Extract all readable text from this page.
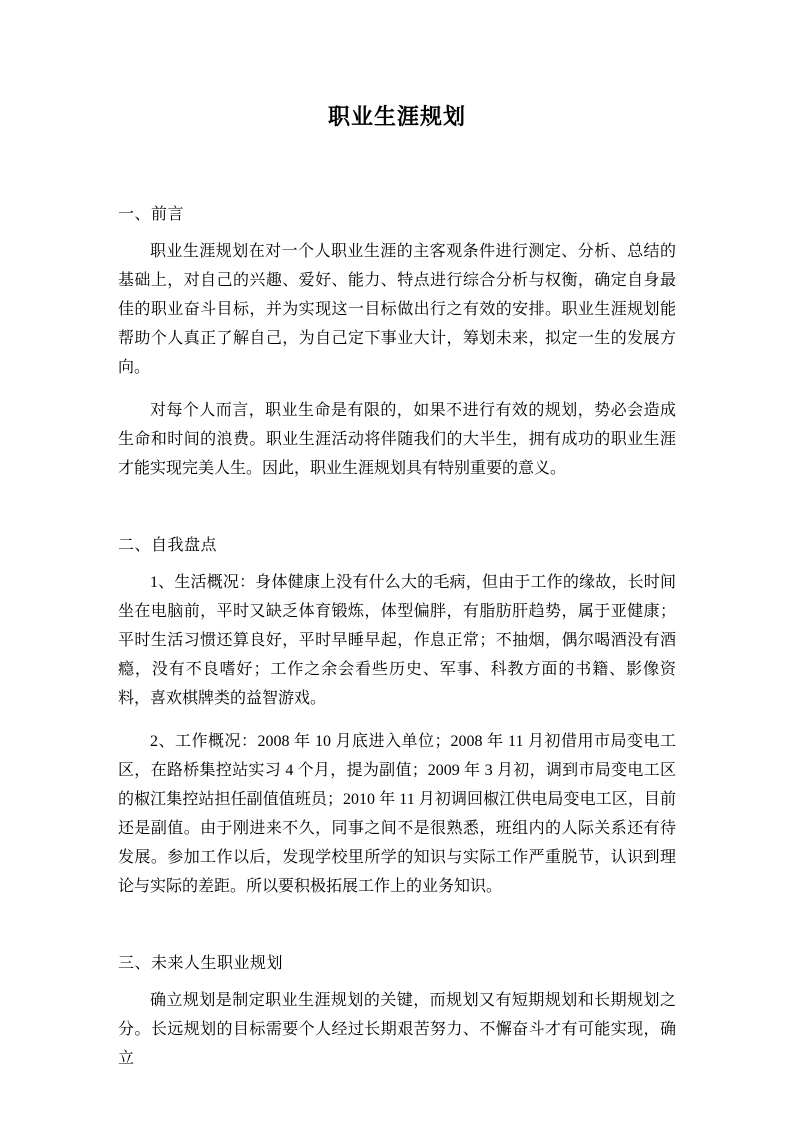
职业生涯规划
一、前言

职业生涯规划在对一个人职业生涯的主客观条件进行测定、分析、总结的基础上，对自己的兴趣、爱好、能力、特点进行综合分析与权衡，确定自身最佳的职业奋斗目标，并为实现这一目标做出行之有效的安排。职业生涯规划能帮助个人真正了解自己，为自己定下事业大计，筹划未来，拟定一生的发展方向。

对每个人而言，职业生命是有限的，如果不进行有效的规划，势必会造成生命和时间的浪费。职业生涯活动将伴随我们的大半生，拥有成功的职业生涯才能实现完美人生。因此，职业生涯规划具有特别重要的意义。

二、自我盘点

1、生活概况：身体健康上没有什么大的毛病，但由于工作的缘故，长时间坐在电脑前，平时又缺乏体育锻炼，体型偏胖，有脂肪肝趋势，属于亚健康；平时生活习惯还算良好，平时早睡早起，作息正常；不抽烟，偶尔喝酒没有酒瘾，没有不良嗜好；工作之余会看些历史、军事、科教方面的书籍、影像资料，喜欢棋牌类的益智游戏。

2、工作概况：2008 年 10 月底进入单位；2008 年 11 月初借用市局变电工区，在路桥集控站实习 4 个月，提为副值；2009 年 3 月初，调到市局变电工区的椒江集控站担任副值值班员；2010 年 11 月初调回椒江供电局变电工区，目前还是副值。由于刚进来不久，同事之间不是很熟悉，班组内的人际关系还有待发展。参加工作以后，发现学校里所学的知识与实际工作严重脱节，认识到理论与实际的差距。所以要积极拓展工作上的业务知识。

三、未来人生职业规划

确立规划是制定职业生涯规划的关键，而规划又有短期规划和长期规划之分。长远规划的目标需要个人经过长期艰苦努力、不懈奋斗才有可能实现，确立
